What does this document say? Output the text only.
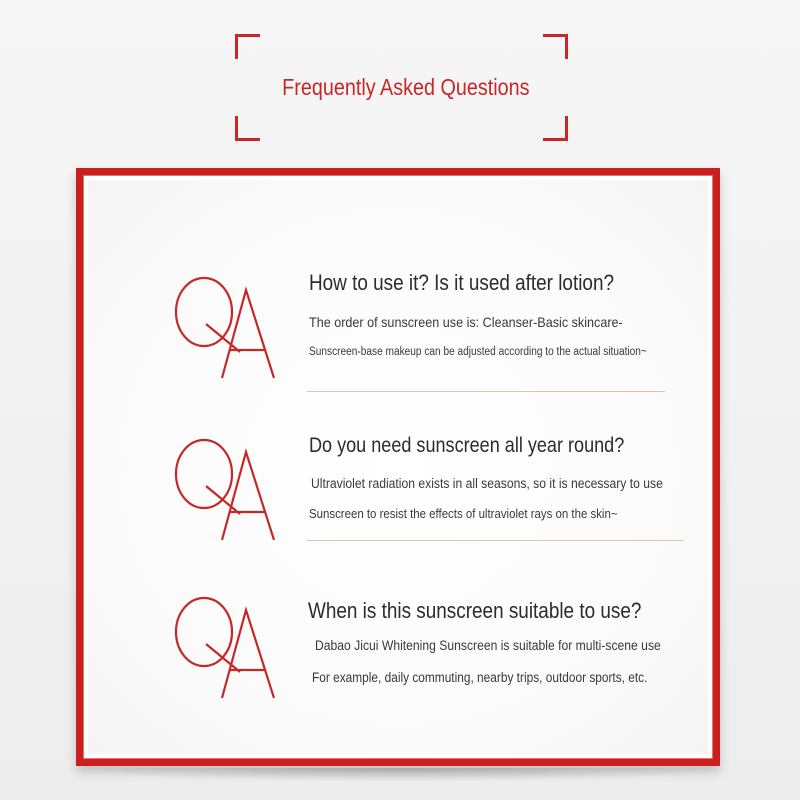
Frequently Asked Questions
How to use it? Is it used after lotion?

The order of sunscreen use is: Cleanser-Basic skincare-

Sunscreen-base makeup can be adjusted according to the actual situation~

Do you need sunscreen all year round?

Ultraviolet radiation exists in all seasons, so it is necessary to use

Sunscreen to resist the effects of ultraviolet rays on the skin~

When is this sunscreen suitable to use?

Dabao Jicui Whitening Sunscreen is suitable for multi-scene use

For example, daily commuting, nearby trips, outdoor sports, etc.
